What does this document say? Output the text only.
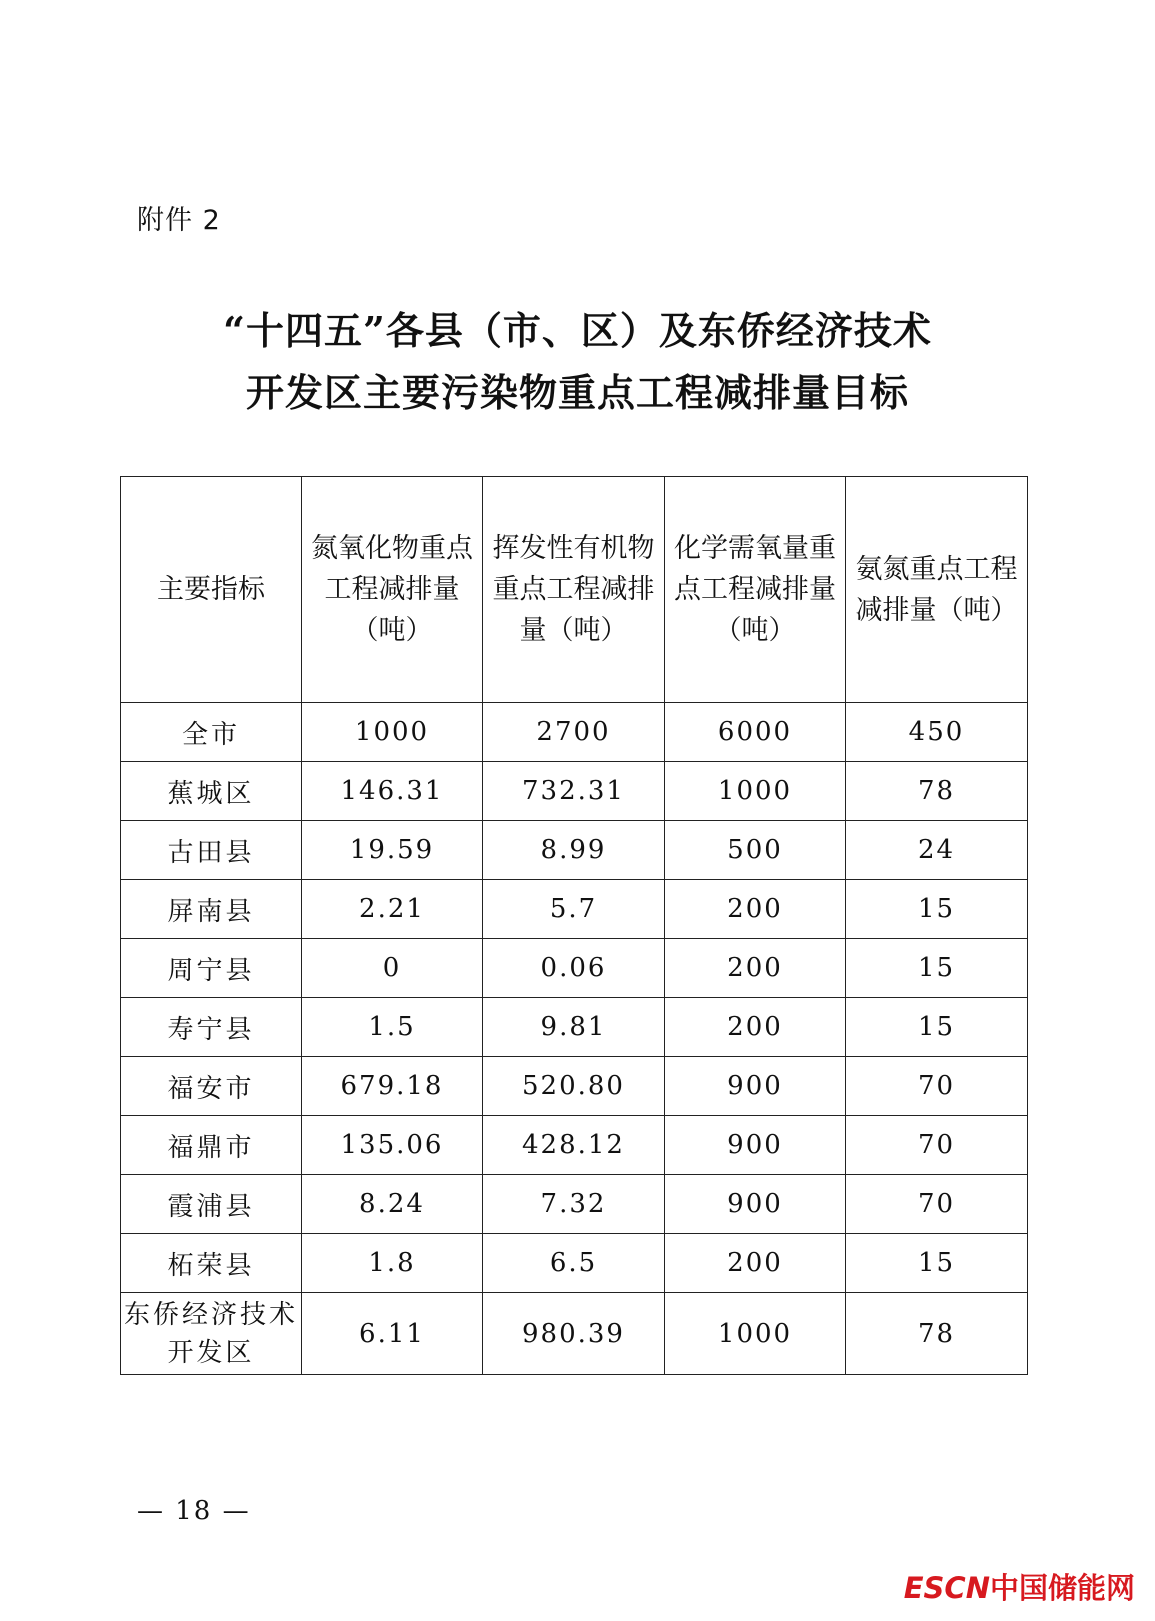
附件 2
“十四五”各县（市、区）及东侨经济技术
开发区主要污染物重点工程减排量目标
主要指标	氮氧化物重点工程减排量（吨）	挥发性有机物重点工程减排量（吨）	化学需氧量重点工程减排量（吨）	氨氮重点工程减排量（吨）
全市	1000	2700	6000	450
蕉城区	146.31	732.31	1000	78
古田县	19.59	8.99	500	24
屏南县	2.21	5.7	200	15
周宁县	0	0.06	200	15
寿宁县	1.5	9.81	200	15
福安市	679.18	520.80	900	70
福鼎市	135.06	428.12	900	70
霞浦县	8.24	7.32	900	70
柘荣县	1.8	6.5	200	15
东侨经济技术开发区	6.11	980.39	1000	78
— 18 —
ESCN中国储能网
